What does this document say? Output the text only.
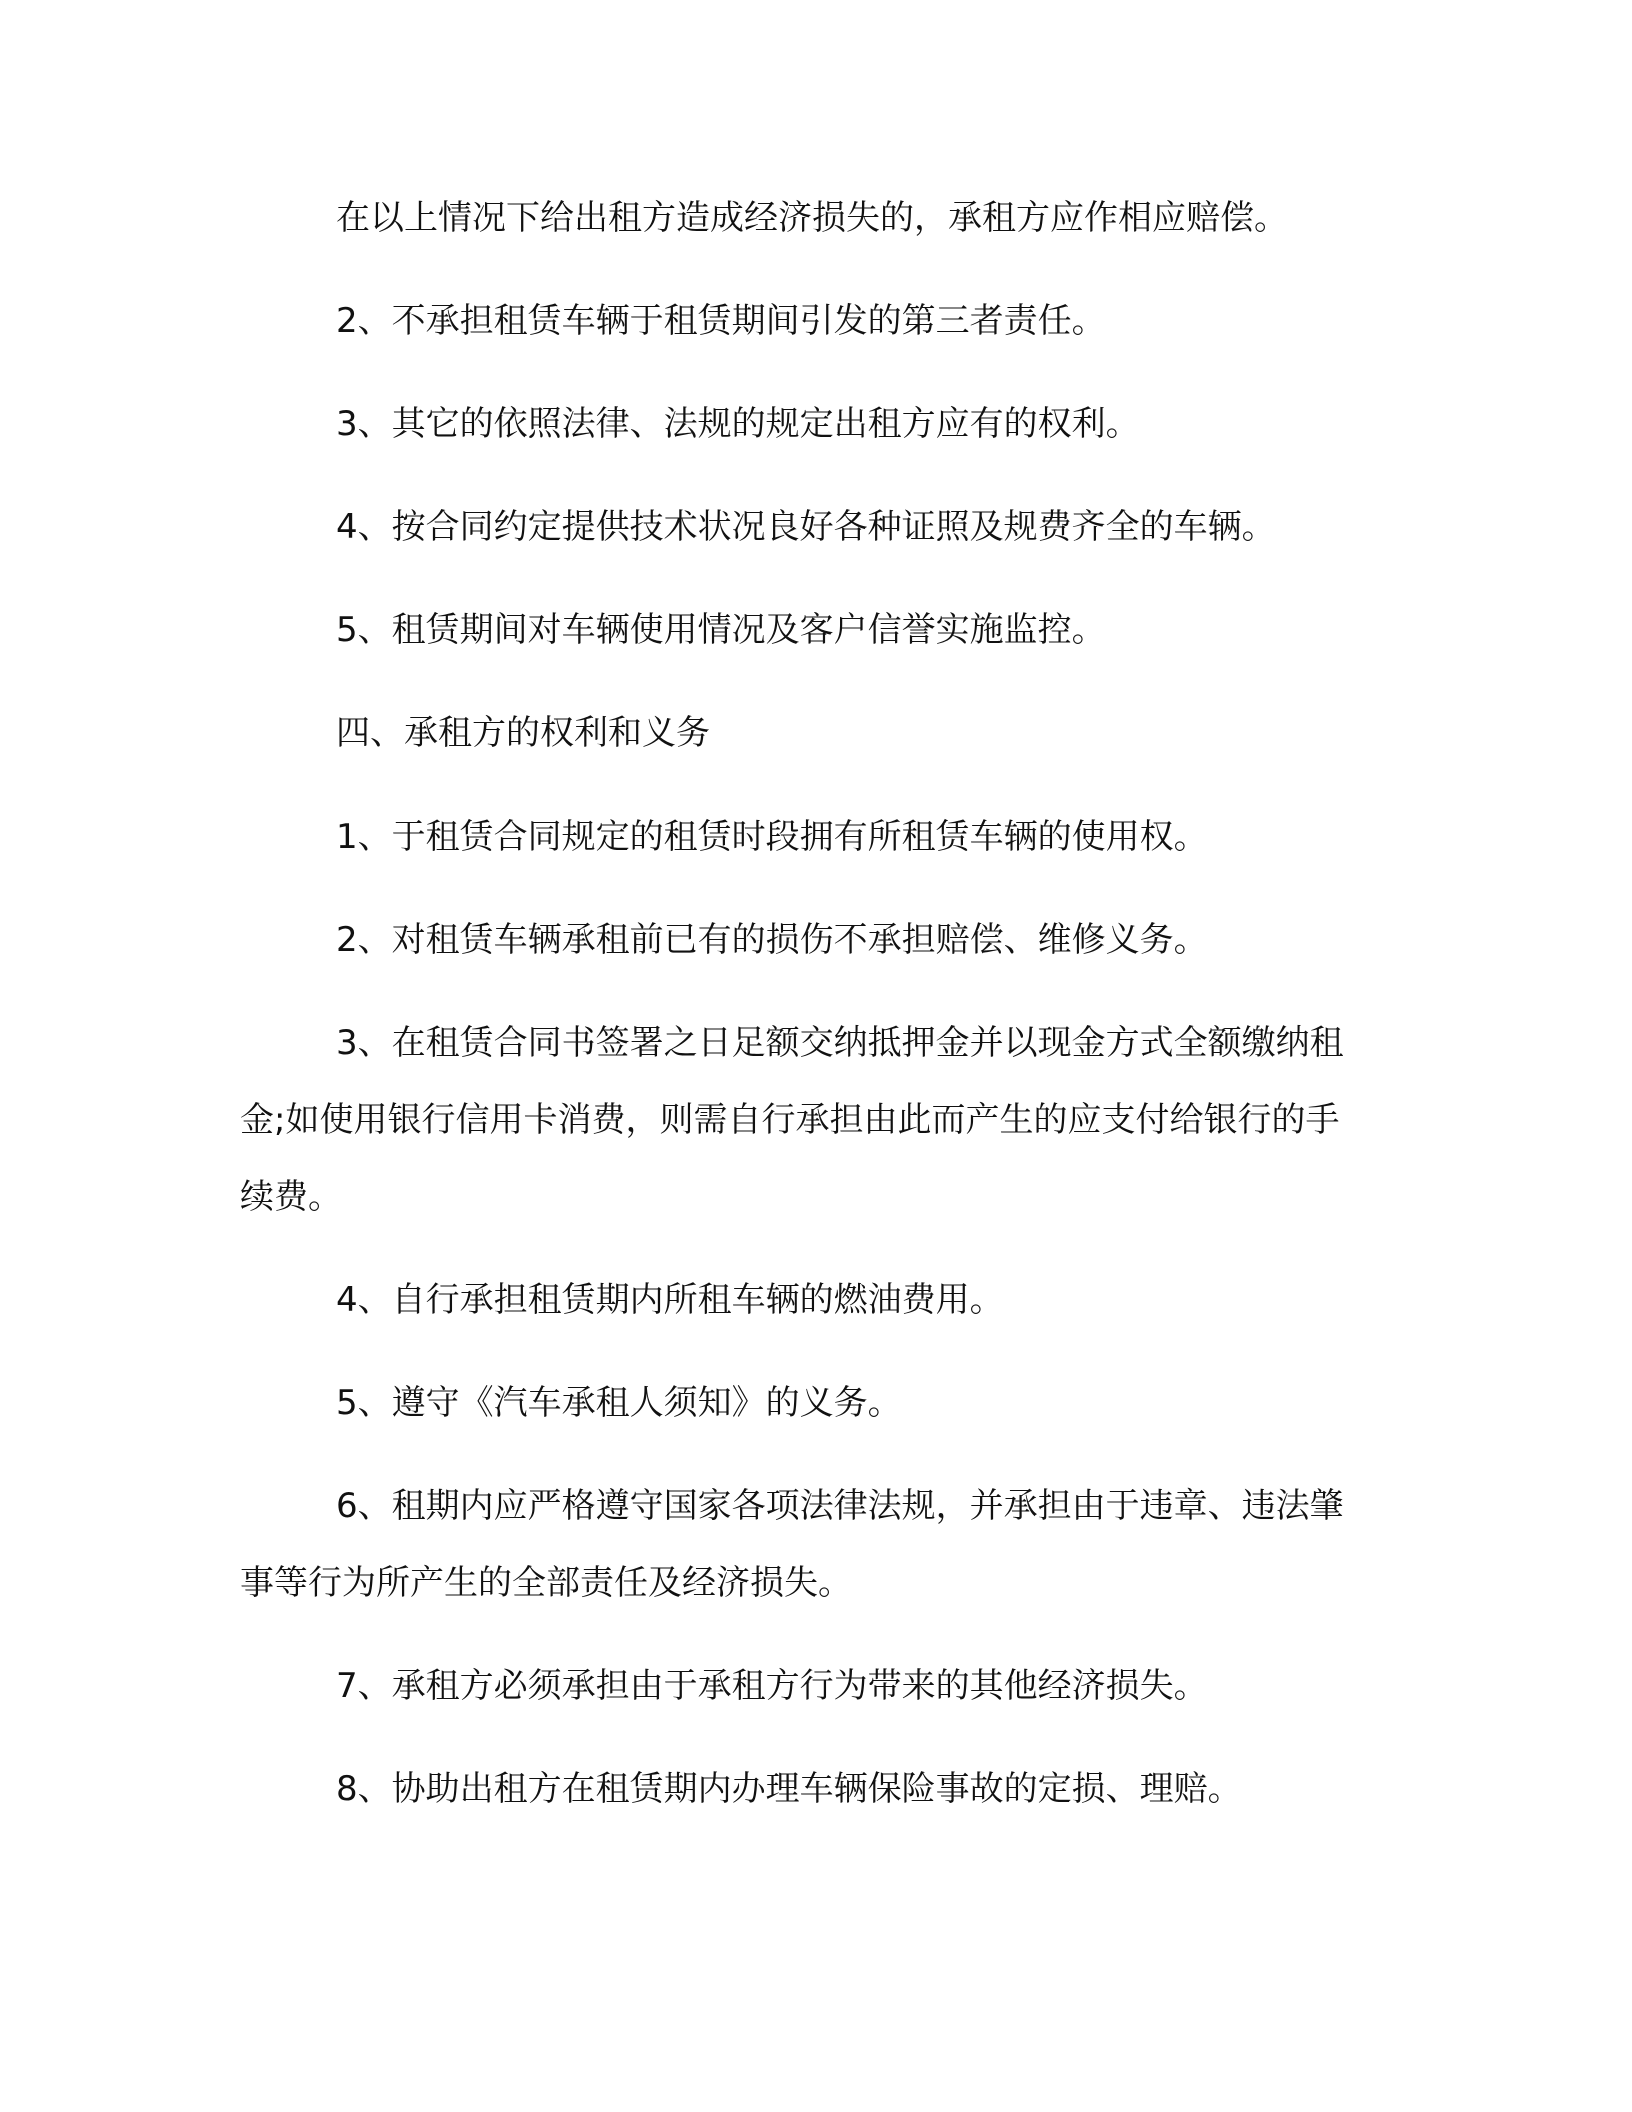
在以上情况下给出租方造成经济损失的，承租方应作相应赔偿。

2、不承担租赁车辆于租赁期间引发的第三者责任。

3、其它的依照法律、法规的规定出租方应有的权利。

4、按合同约定提供技术状况良好各种证照及规费齐全的车辆。

5、租赁期间对车辆使用情况及客户信誉实施监控。

四、承租方的权利和义务

1、于租赁合同规定的租赁时段拥有所租赁车辆的使用权。

2、对租赁车辆承租前已有的损伤不承担赔偿、维修义务。

3、在租赁合同书签署之日足额交纳抵押金并以现金方式全额缴纳租金;如使用银行信用卡消费，则需自行承担由此而产生的应支付给银行的手续费。

4、自行承担租赁期内所租车辆的燃油费用。

5、遵守《汽车承租人须知》的义务。

6、租期内应严格遵守国家各项法律法规，并承担由于违章、违法肇事等行为所产生的全部责任及经济损失。

7、承租方必须承担由于承租方行为带来的其他经济损失。

8、协助出租方在租赁期内办理车辆保险事故的定损、理赔。
